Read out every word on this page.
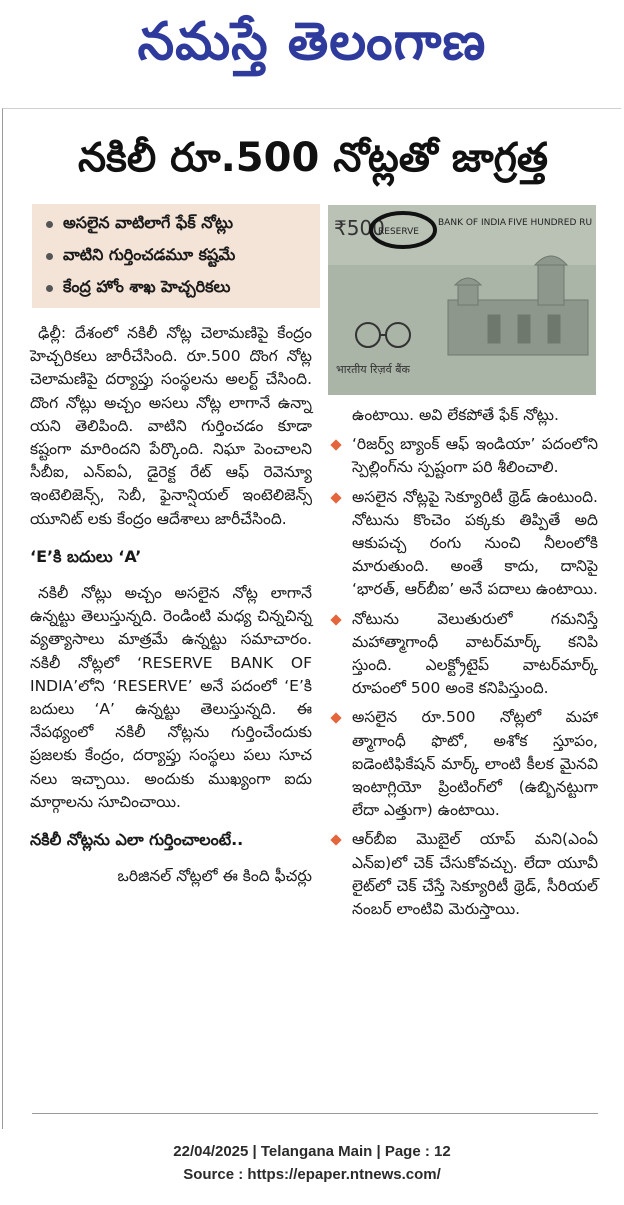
నమస్తే తెలంగాణ
నకిలీ రూ.500 నోట్లతో జాగ్రత్త
అసలైన వాటిలాగే ఫేక్ నోట్లు
వాటిని గుర్తించడమూ కష్టమే
కేంద్ర హోం శాఖ హెచ్చరికలు
₹500
RESERVE
BANK OF INDIA FIVE HUNDRED RU
भारतीय रिज़र्व बैंक

ఢిల్లీ: దేశంలో నకిలీ నోట్ల చెలామణిపై కేంద్రం హెచ్చరికలు జారీచేసింది. రూ.500 దొంగ నోట్ల చెలామణిపై దర్యాప్తు సంస్థలను అలర్ట్ చేసింది. దొంగ నోట్లు అచ్చం అసలు నోట్ల లాగానే ఉన్నా యని తెలిపింది. వాటిని గుర్తించడం కూడా కష్టంగా మారిందని పేర్కొంది. నిఘా పెంచాలని సీబీఐ, ఎన్ఐఏ, డైరెక్ట రేట్ ఆఫ్ రెవెన్యూ ఇంటెలిజెన్స్, సెబీ, ఫైనాన్షియల్ ఇంటెలిజెన్స్ యూనిట్ లకు కేంద్రం ఆదేశాలు జారీచేసింది.

‘E’కి బదులు ‘A’

నకిలీ నోట్లు అచ్చం అసలైన నోట్ల లాగానే ఉన్నట్టు తెలుస్తున్నది. రెండింటి మధ్య చిన్నచిన్న వ్యత్యాసాలు మాత్రమే ఉన్నట్టు సమాచారం. నకిలీ నోట్లలో ‘RESERVE BANK OF INDIA’లోని ‘RESERVE’ అనే పదంలో ‘E’కి బదులు ‘A’ ఉన్నట్టు తెలుస్తున్నది. ఈ నేపథ్యంలో నకిలీ నోట్లను గుర్తించేందుకు ప్రజలకు కేంద్రం, దర్యాప్తు సంస్థలు పలు సూచ నలు ఇచ్చాయి. అందుకు ముఖ్యంగా ఐదు మార్గాలను సూచించాయి.

నకిలీ నోట్లను ఎలా గుర్తించాలంటే..

ఒరిజినల్ నోట్లలో ఈ కింది ఫీచర్లు

ఉంటాయి. అవి లేకపోతే ఫేక్ నోట్లు.

‘రిజర్వ్ బ్యాంక్ ఆఫ్ ఇండియా’ పదంలోని స్పెల్లింగ్‌ను స్పష్టంగా పరి శీలించాలి.

అసలైన నోట్లపై సెక్యూరిటీ థ్రెడ్ ఉంటుంది. నోటును కొంచెం పక్కకు తిప్పితే అది ఆకుపచ్చ రంగు నుంచి నీలంలోకి మారుతుంది. అంతే కాదు, దానిపై ‘భారత్, ఆర్‌బీఐ’ అనే పదాలు ఉంటాయి.

నోటును వెలుతురులో గమనిస్తే మహాత్మాగాంధీ వాటర్‌మార్క్ కనిపి స్తుంది. ఎలక్ట్రోటైప్ వాటర్‌మార్క్ రూపంలో 500 అంకె కనిపిస్తుంది.

అసలైన రూ.500 నోట్లలో మహా త్మాగాంధీ ఫొటో, అశోక స్తూపం, ఐడెంటిఫికేషన్ మార్క్ లాంటి కీలక మైనవి ఇంటాగ్లియో ప్రింటింగ్‌లో (ఉబ్బినట్టుగా లేదా ఎత్తుగా) ఉంటాయి.

ఆర్‌బీఐ మొబైల్ యాప్ మని(ఎంఏ ఎన్ఐ)లో చెక్ చేసుకోవచ్చు. లేదా యూవీ లైట్‌లో చెక్ చేస్తే సెక్యూరిటీ థ్రెడ్, సీరియల్ నంబర్ లాంటివి మెరుస్తాయి.

22/04/2025 | Telangana Main | Page : 12
Source : https://epaper.ntnews.com/
